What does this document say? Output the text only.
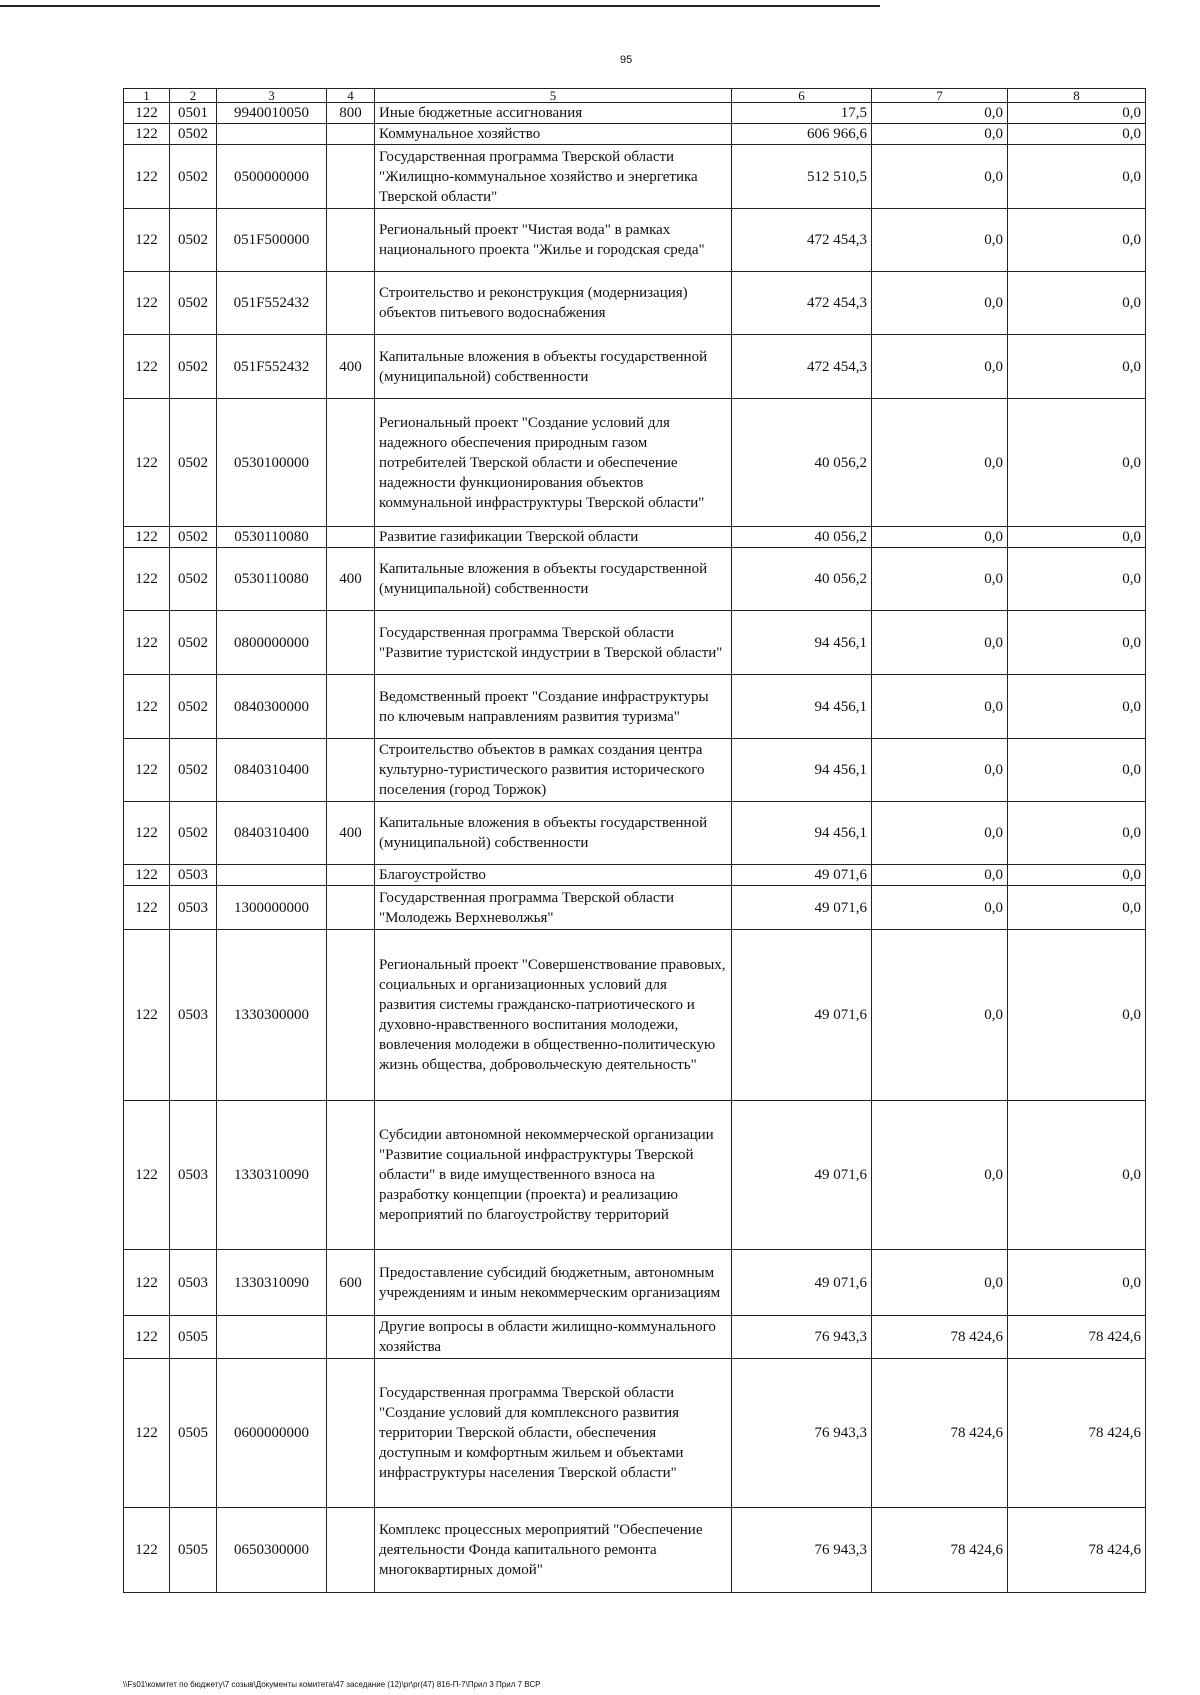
95
1	2	3	4	5	6	7	8
122	0501	9940010050	800	Иные бюджетные ассигнования	17,5	0,0	0,0
122	0502			Коммунальное хозяйство	606 966,6	0,0	0,0
122	0502	0500000000		Государственная программа Тверской области "Жилищно-коммунальное хозяйство и энергетика Тверской области"	512 510,5	0,0	0,0
122	0502	051F500000		Региональный проект "Чистая вода" в рамках национального проекта "Жилье и городская среда"	472 454,3	0,0	0,0
122	0502	051F552432		Строительство и реконструкция (модернизация) объектов питьевого водоснабжения	472 454,3	0,0	0,0
122	0502	051F552432	400	Капитальные вложения в объекты государственной (муниципальной) собственности	472 454,3	0,0	0,0
122	0502	0530100000		Региональный проект "Создание условий для надежного обеспечения природным газом потребителей Тверской области и обеспечение надежности функционирования объектов коммунальной инфраструктуры Тверской области"	40 056,2	0,0	0,0
122	0502	0530110080		Развитие газификации Тверской области	40 056,2	0,0	0,0
122	0502	0530110080	400	Капитальные вложения в объекты государственной (муниципальной) собственности	40 056,2	0,0	0,0
122	0502	0800000000		Государственная программа Тверской области "Развитие туристской индустрии в Тверской области"	94 456,1	0,0	0,0
122	0502	0840300000		Ведомственный проект "Создание инфраструктуры по ключевым направлениям развития туризма"	94 456,1	0,0	0,0
122	0502	0840310400		Строительство объектов в рамках создания центра культурно-туристического развития исторического поселения (город Торжок)	94 456,1	0,0	0,0
122	0502	0840310400	400	Капитальные вложения в объекты государственной (муниципальной) собственности	94 456,1	0,0	0,0
122	0503			Благоустройство	49 071,6	0,0	0,0
122	0503	1300000000		Государственная программа Тверской области "Молодежь Верхневолжья"	49 071,6	0,0	0,0
122	0503	1330300000		Региональный проект "Совершенствование правовых, социальных и организационных условий для развития системы гражданско-патриотического и духовно-нравственного воспитания молодежи, вовлечения молодежи в общественно-политическую жизнь общества, добровольческую деятельность"	49 071,6	0,0	0,0
122	0503	1330310090		Субсидии автономной некоммерческой организации "Развитие социальной инфраструктуры Тверской области" в виде имущественного взноса на разработку концепции (проекта) и реализацию мероприятий по благоустройству территорий	49 071,6	0,0	0,0
122	0503	1330310090	600	Предоставление субсидий бюджетным, автономным учреждениям и иным некоммерческим организациям	49 071,6	0,0	0,0
122	0505			Другие вопросы в области жилищно-коммунального хозяйства	76 943,3	78 424,6	78 424,6
122	0505	0600000000		Государственная программа Тверской области "Создание условий для комплексного развития территории Тверской области, обеспечения доступным и комфортным жильем и объектами инфраструктуры населения Тверской области"	76 943,3	78 424,6	78 424,6
122	0505	0650300000		Комплекс процессных мероприятий "Обеспечение деятельности Фонда капитального ремонта многоквартирных домой"	76 943,3	78 424,6	78 424,6
\\Fs01\комитет по бюджету\7 созыв\Документы комитета\47 заседание (12)\pr\pr(47) 816-П-7\Прил 3 Прил 7 ВСР
